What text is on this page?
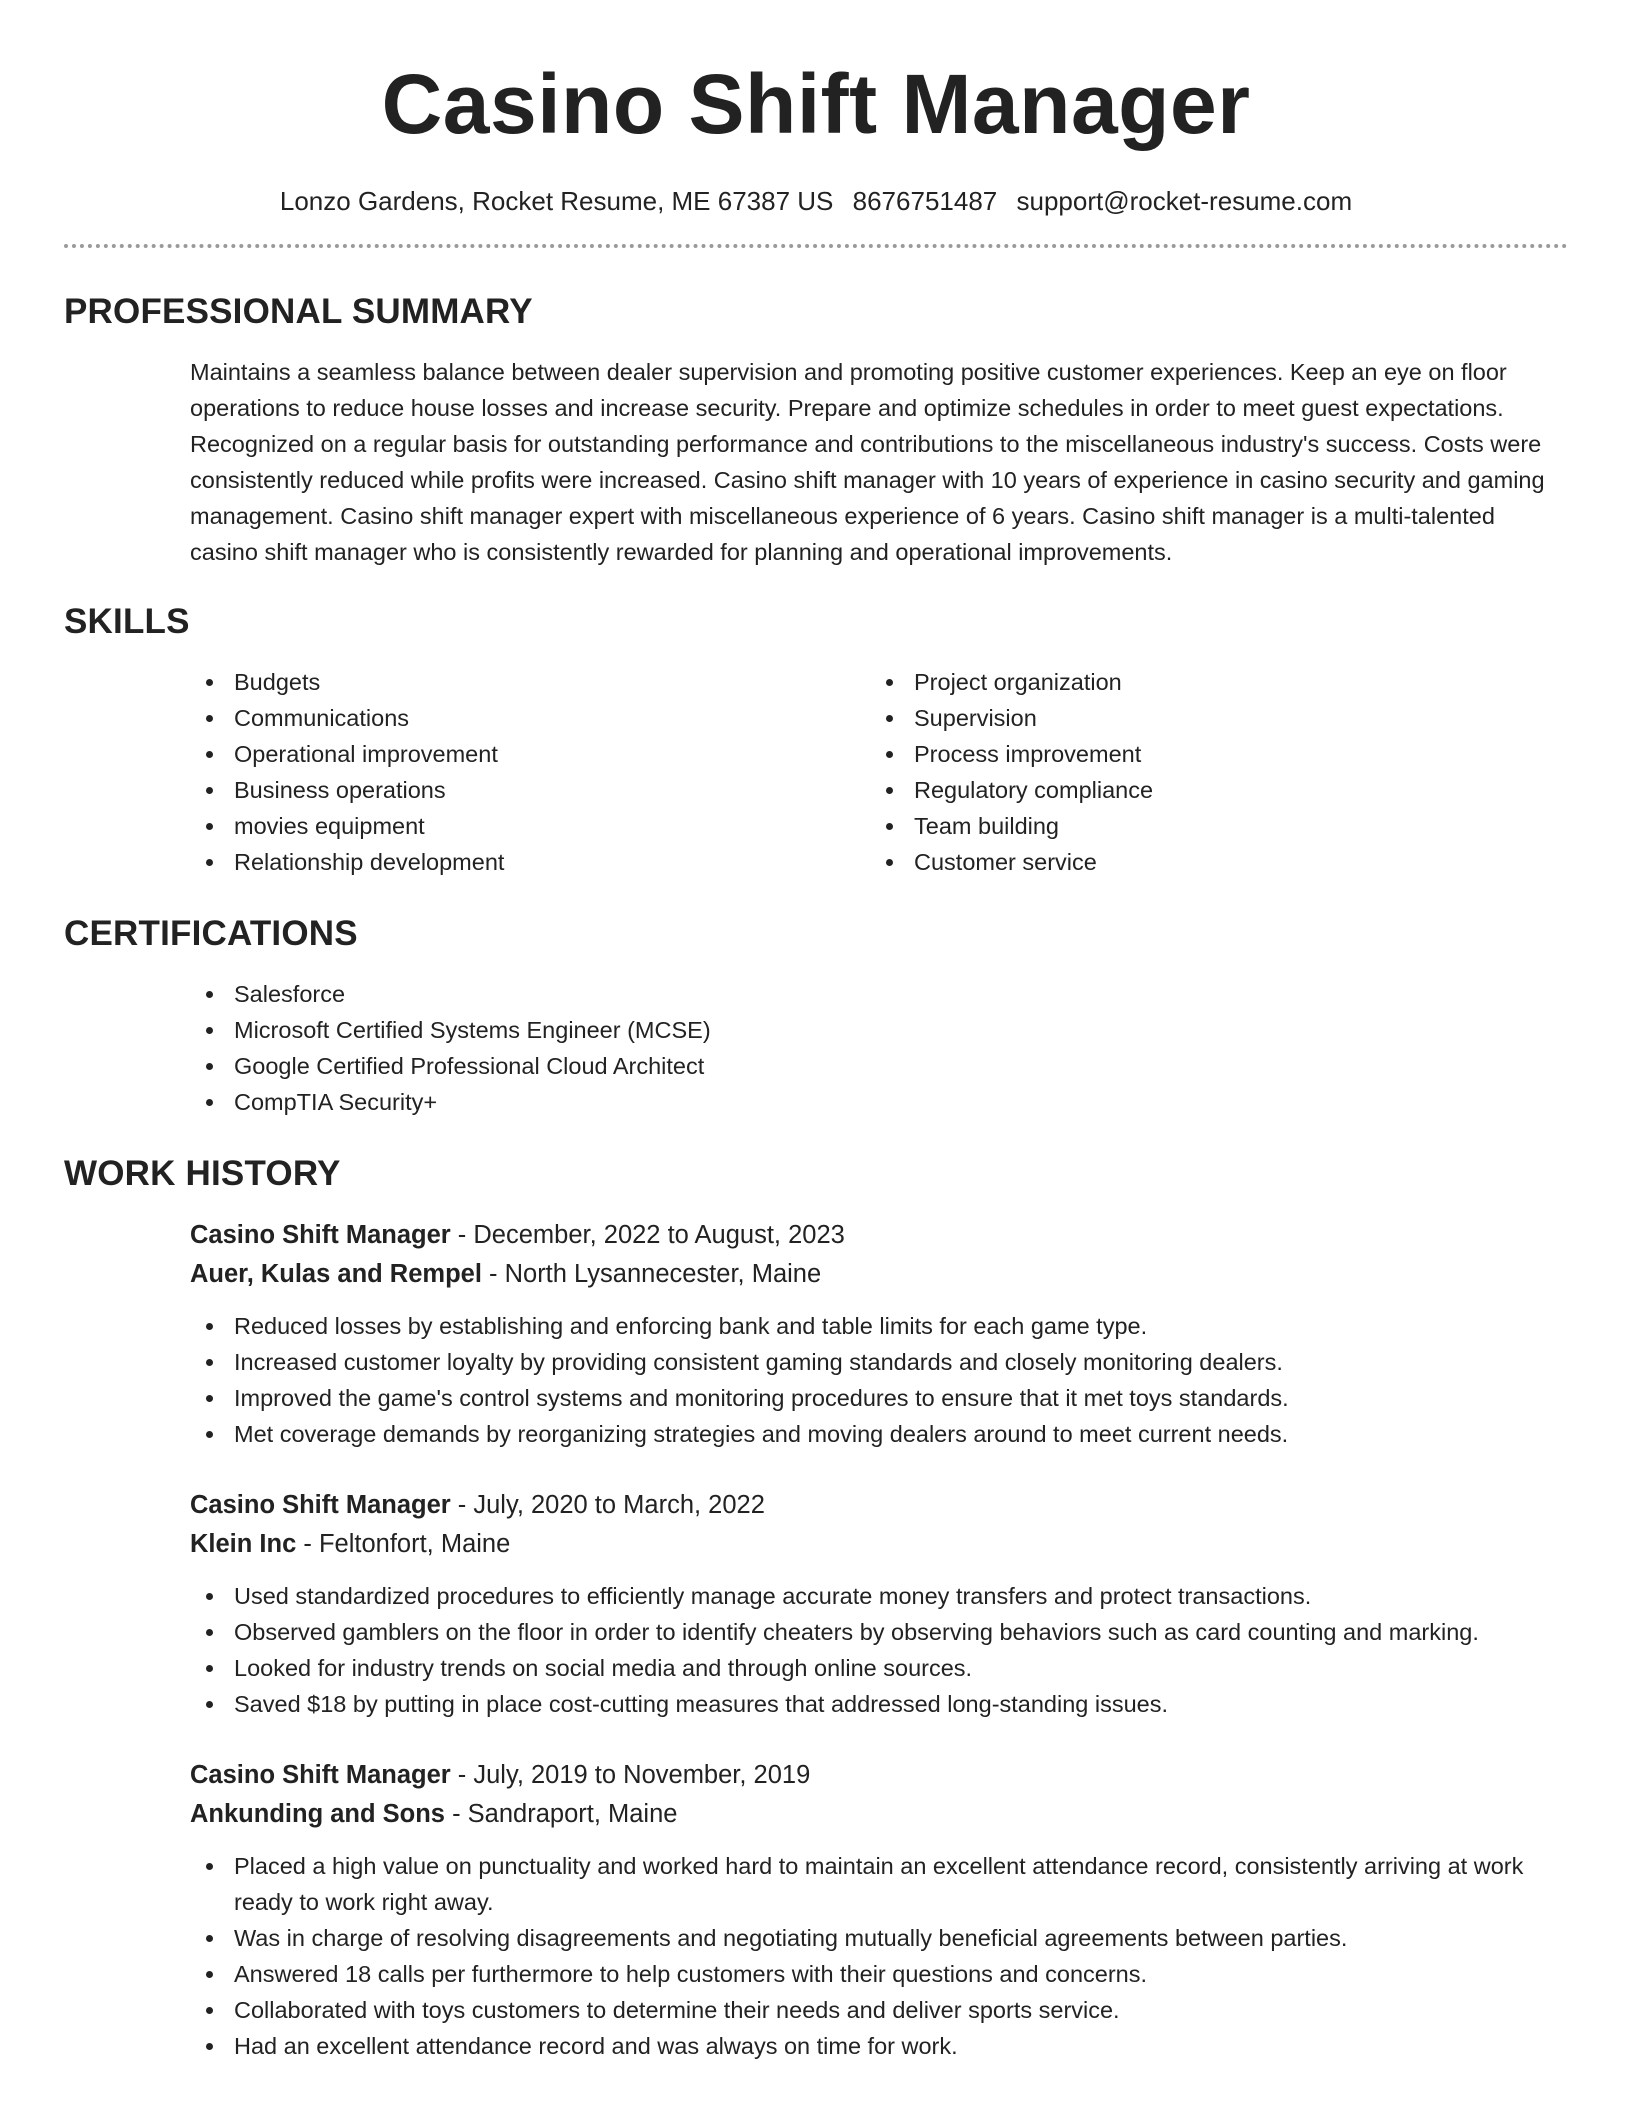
Casino Shift Manager
Lonzo Gardens, Rocket Resume, ME 67387 US 8676751487 support@rocket-resume.com
PROFESSIONAL SUMMARY

Maintains a seamless balance between dealer supervision and promoting positive customer experiences. Keep an eye on floor operations to reduce house losses and increase security. Prepare and optimize schedules in order to meet guest expectations. Recognized on a regular basis for outstanding performance and contributions to the miscellaneous industry's success. Costs were consistently reduced while profits were increased. Casino shift manager with 10 years of experience in casino security and gaming management. Casino shift manager expert with miscellaneous experience of 6 years. Casino shift manager is a multi-talented casino shift manager who is consistently rewarded for planning and operational improvements.

SKILLS
Budgets
Communications
Operational improvement
Business operations
movies equipment
Relationship development
Project organization
Supervision
Process improvement
Regulatory compliance
Team building
Customer service
CERTIFICATIONS
Salesforce
Microsoft Certified Systems Engineer (MCSE)
Google Certified Professional Cloud Architect
CompTIA Security+
WORK HISTORY
Casino Shift Manager - December, 2022 to August, 2023
Auer, Kulas and Rempel - North Lysannecester, Maine
Reduced losses by establishing and enforcing bank and table limits for each game type.
Increased customer loyalty by providing consistent gaming standards and closely monitoring dealers.
Improved the game's control systems and monitoring procedures to ensure that it met toys standards.
Met coverage demands by reorganizing strategies and moving dealers around to meet current needs.
Casino Shift Manager - July, 2020 to March, 2022
Klein Inc - Feltonfort, Maine
Used standardized procedures to efficiently manage accurate money transfers and protect transactions.
Observed gamblers on the floor in order to identify cheaters by observing behaviors such as card counting and marking.
Looked for industry trends on social media and through online sources.
Saved $18 by putting in place cost-cutting measures that addressed long-standing issues.
Casino Shift Manager - July, 2019 to November, 2019
Ankunding and Sons - Sandraport, Maine
Placed a high value on punctuality and worked hard to maintain an excellent attendance record, consistently arriving at work ready to work right away.
Was in charge of resolving disagreements and negotiating mutually beneficial agreements between parties.
Answered 18 calls per furthermore to help customers with their questions and concerns.
Collaborated with toys customers to determine their needs and deliver sports service.
Had an excellent attendance record and was always on time for work.
